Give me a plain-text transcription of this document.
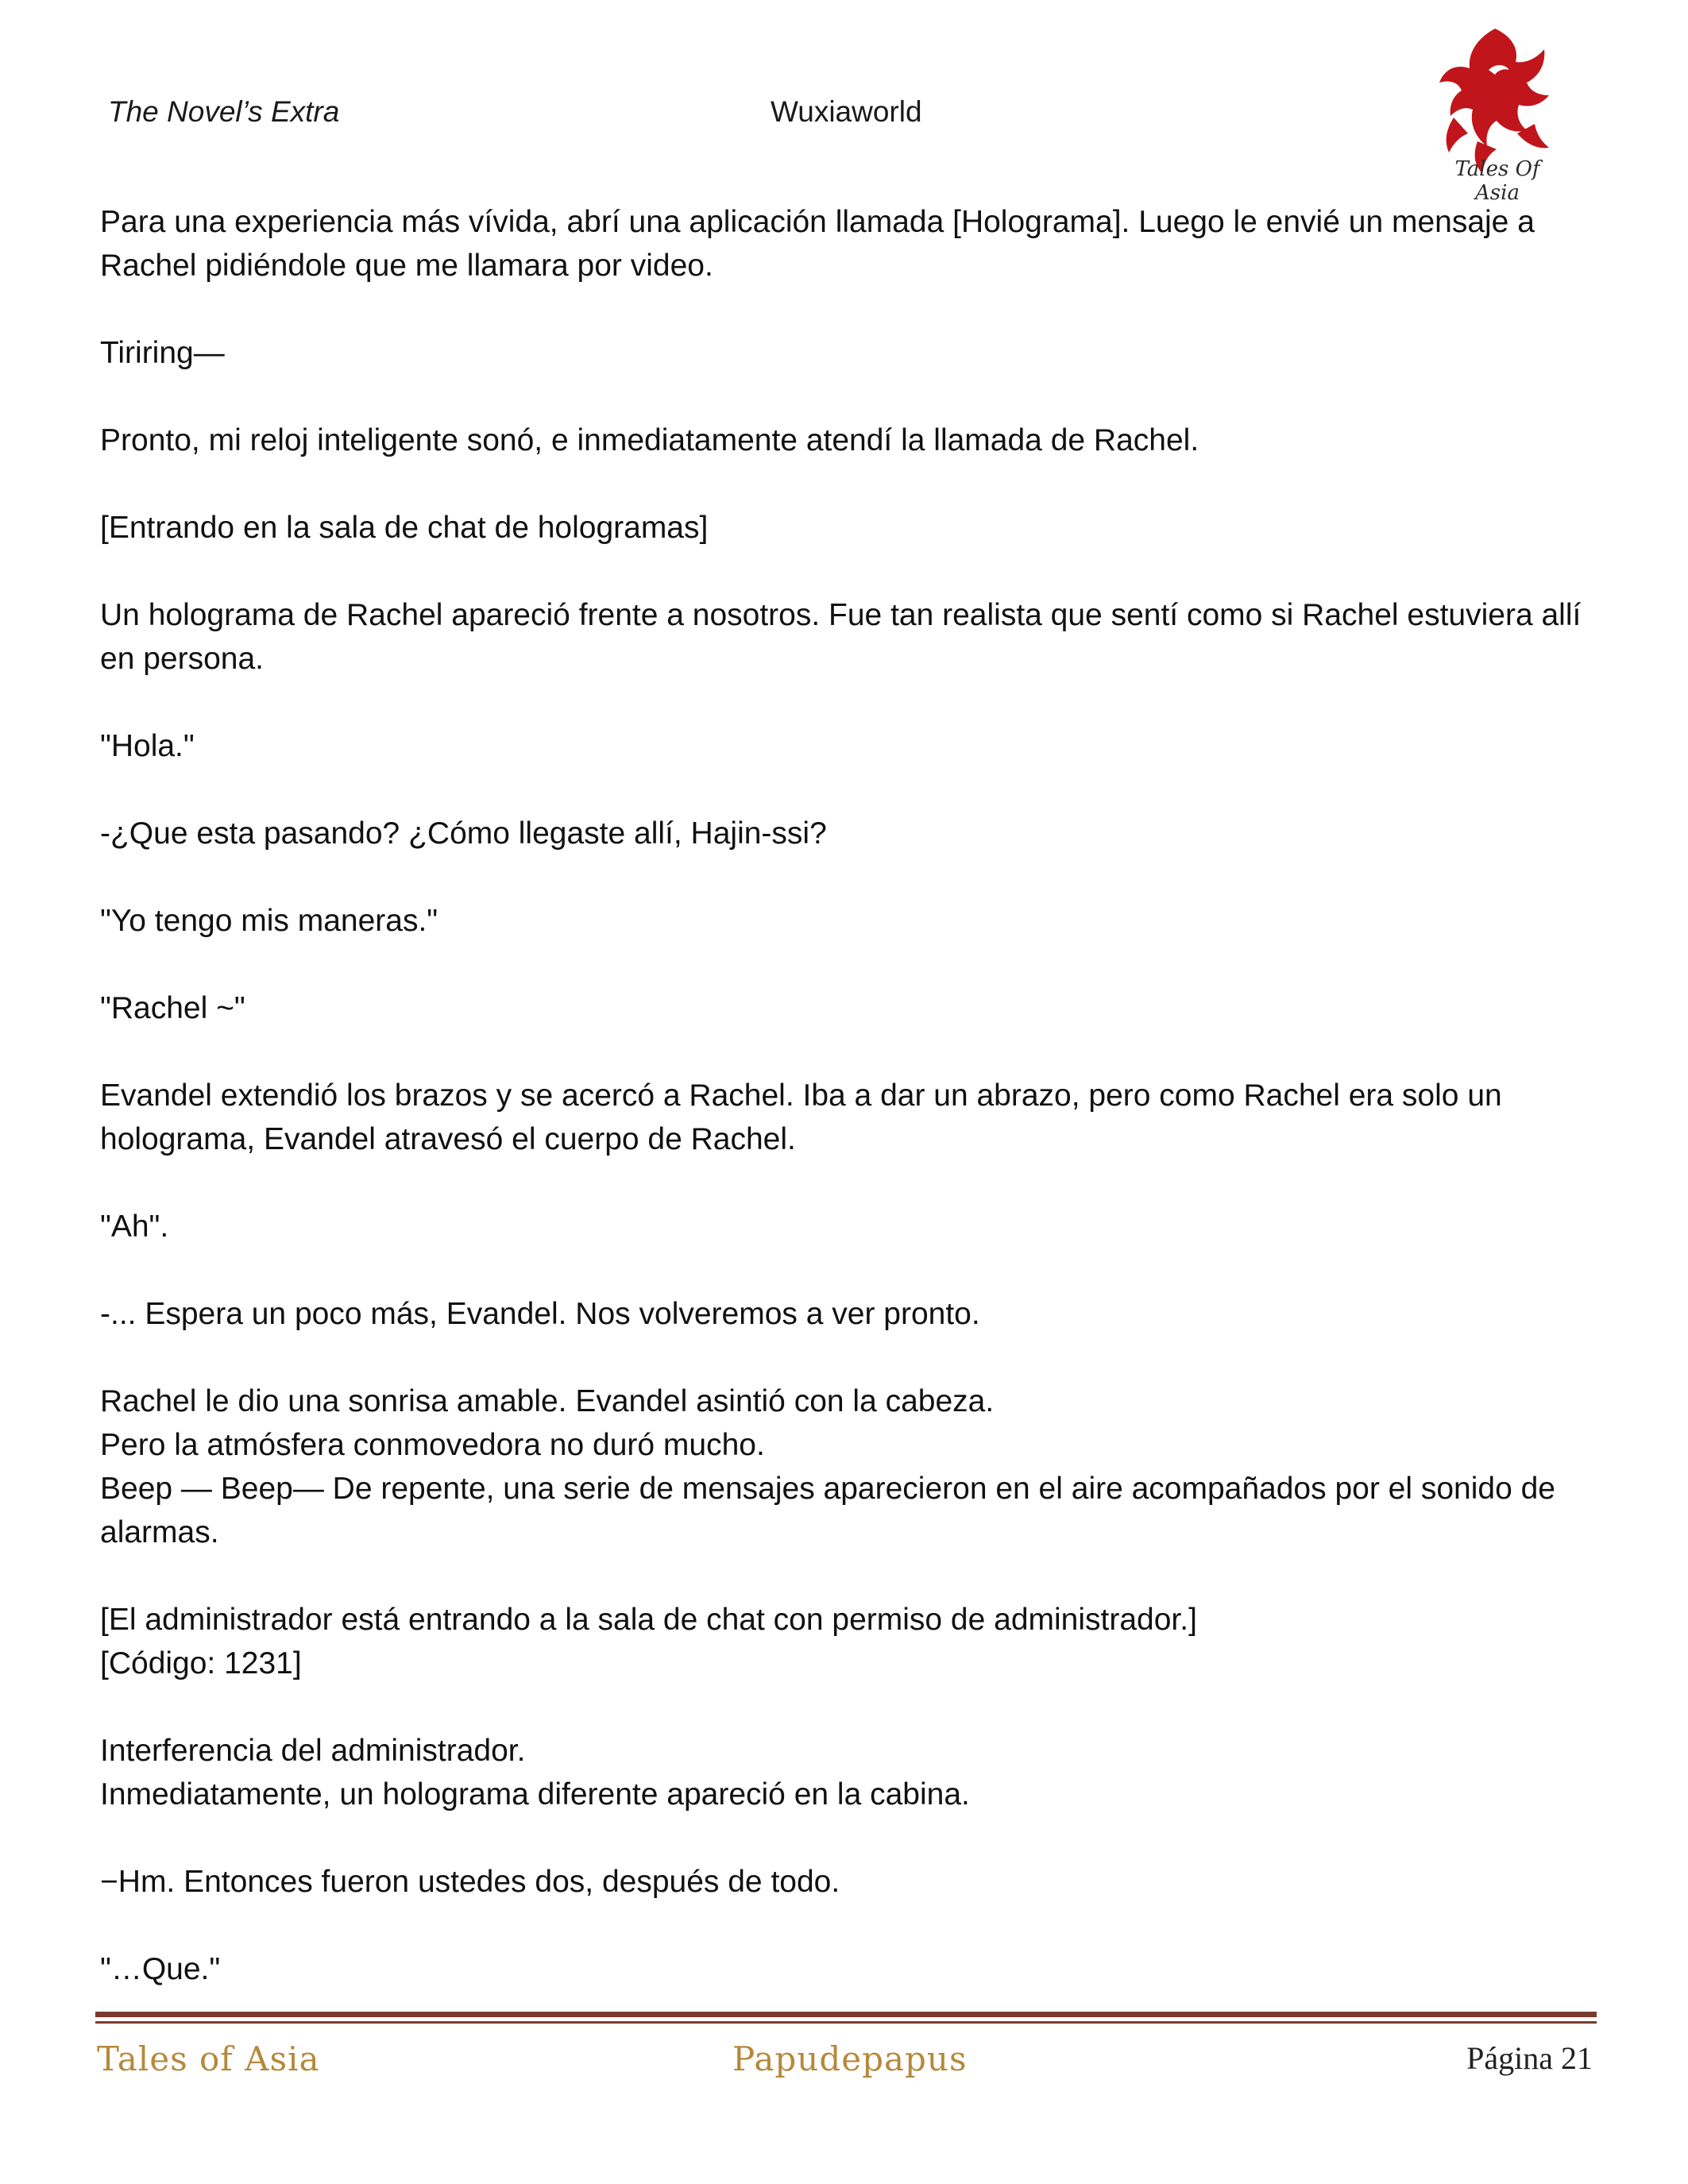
The Novel’s Extra	Wuxiaworld
Tales Of Asia

Para una experiencia más vívida, abrí una aplicación llamada [Holograma]. Luego le envié un mensaje a Rachel pidiéndole que me llamara por video.

Tiriring—

Pronto, mi reloj inteligente sonó, e inmediatamente atendí la llamada de Rachel.

[Entrando en la sala de chat de hologramas]

Un holograma de Rachel apareció frente a nosotros. Fue tan realista que sentí como si Rachel estuviera allí en persona.

"Hola."

-¿Que esta pasando? ¿Cómo llegaste allí, Hajin-ssi?

"Yo tengo mis maneras."

"Rachel ~"

Evandel extendió los brazos y se acercó a Rachel. Iba a dar un abrazo, pero como Rachel era solo un holograma, Evandel atravesó el cuerpo de Rachel.

"Ah".

-... Espera un poco más, Evandel. Nos volveremos a ver pronto.

Rachel le dio una sonrisa amable. Evandel asintió con la cabeza.

Pero la atmósfera conmovedora no duró mucho.

Beep — Beep— De repente, una serie de mensajes aparecieron en el aire acompañados por el sonido de alarmas.

[El administrador está entrando a la sala de chat con permiso de administrador.]

[Código: 1231]

Interferencia del administrador.

Inmediatamente, un holograma diferente apareció en la cabina.

−Hm. Entonces fueron ustedes dos, después de todo.

"…Que."

Tales of Asia	Papudepapus	Página 21
